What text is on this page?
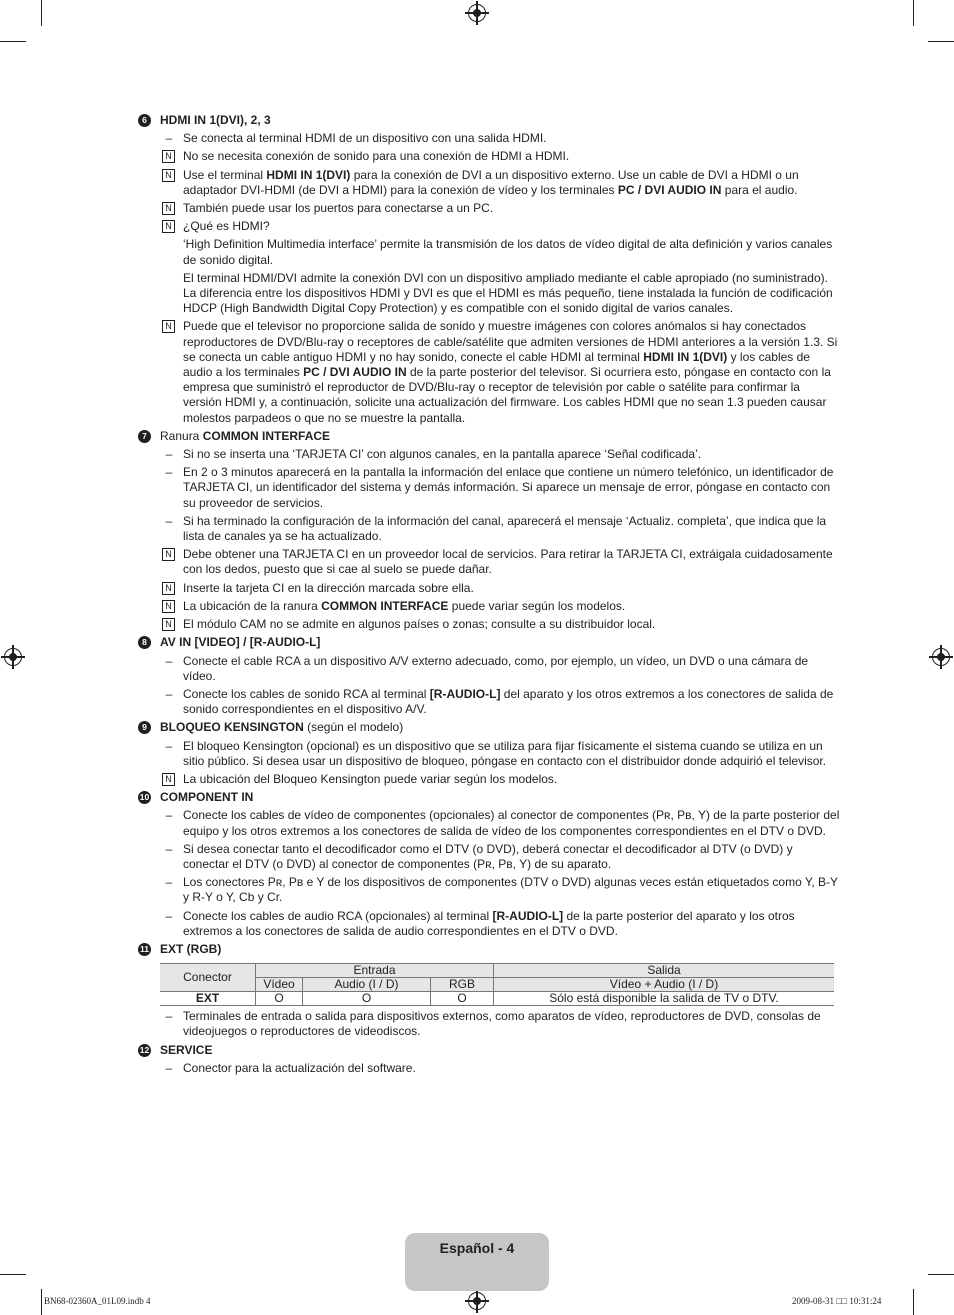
6	HDMI IN 1(DVI), 2, 3
– Se conecta al terminal HDMI de un dispositivo con una salida HDMI.
N No se necesita conexión de sonido para una conexión de HDMI a HDMI.
N Use el terminal HDMI IN 1(DVI) para la conexión de DVI a un dispositivo externo. Use un cable de DVI a HDMI o un adaptador DVI-HDMI (de DVI a HDMI) para la conexión de vídeo y los terminales PC / DVI AUDIO IN para el audio.
N También puede usar los puertos para conectarse a un PC.
N ¿Qué es HDMI?
‘High Definition Multimedia interface’ permite la transmisión de los datos de vídeo digital de alta definición y varios canales de sonido digital.
El terminal HDMI/DVI admite la conexión DVI con un dispositivo ampliado mediante el cable apropiado (no suministrado). La diferencia entre los dispositivos HDMI y DVI es que el HDMI es más pequeño, tiene instalada la función de codificación HDCP (High Bandwidth Digital Copy Protection) y es compatible con el sonido digital de varios canales.
N Puede que el televisor no proporcione salida de sonido y muestre imágenes con colores anómalos si hay conectados reproductores de DVD/Blu-ray o receptores de cable/satélite que admiten versiones de HDMI anteriores a la versión 1.3. Si se conecta un cable antiguo HDMI y no hay sonido, conecte el cable HDMI al terminal HDMI IN 1(DVI) y los cables de audio a los terminales PC / DVI AUDIO IN de la parte posterior del televisor. Si ocurriera esto, póngase en contacto con la empresa que suministró el reproductor de DVD/Blu-ray o receptor de televisión por cable o satélite para confirmar la versión HDMI y, a continuación, solicite una actualización del firmware. Los cables HDMI que no sean 1.3 pueden causar molestos parpadeos o que no se muestre la pantalla.
7	Ranura COMMON INTERFACE
– Si no se inserta una ‘TARJETA CI’ con algunos canales, en la pantalla aparece ‘Señal codificada’.
– En 2 o 3 minutos aparecerá en la pantalla la información del enlace que contiene un número telefónico, un identificador de TARJETA CI, un identificador del sistema y demás información. Si aparece un mensaje de error, póngase en contacto con su proveedor de servicios.
– Si ha terminado la configuración de la información del canal, aparecerá el mensaje ‘Actualiz. completa’, que indica que la lista de canales ya se ha actualizado.
N Debe obtener una TARJETA CI en un proveedor local de servicios. Para retirar la TARJETA CI, extráigala cuidadosamente con los dedos, puesto que si cae al suelo se puede dañar.
N Inserte la tarjeta CI en la dirección marcada sobre ella.
N La ubicación de la ranura COMMON INTERFACE puede variar según los modelos.
N El módulo CAM no se admite en algunos países o zonas; consulte a su distribuidor local.
8	AV IN [VIDEO] / [R-AUDIO-L]
– Conecte el cable RCA a un dispositivo A/V externo adecuado, como, por ejemplo, un vídeo, un DVD o una cámara de vídeo.
– Conecte los cables de sonido RCA al terminal [R-AUDIO-L] del aparato y los otros extremos a los conectores de salida de sonido correspondientes en el dispositivo A/V.
9	BLOQUEO KENSINGTON (según el modelo)
– El bloqueo Kensington (opcional) es un dispositivo que se utiliza para fijar físicamente el sistema cuando se utiliza en un sitio público. Si desea usar un dispositivo de bloqueo, póngase en contacto con el distribuidor donde adquirió el televisor.
N La ubicación del Bloqueo Kensington puede variar según los modelos.
10 COMPONENT IN
– Conecte los cables de vídeo de componentes (opcionales) al conector de componentes (Pʀ, Pʙ, Y) de la parte posterior del equipo y los otros extremos a los conectores de salida de vídeo de los componentes correspondientes en el DTV o DVD.
– Si desea conectar tanto el decodificador como el DTV (o DVD), deberá conectar el decodificador al DTV (o DVD) y conectar el DTV (o DVD) al conector de componentes (Pʀ, Pʙ, Y) de su aparato.
– Los conectores Pʀ, Pʙ e Y de los dispositivos de componentes (DTV o DVD) algunas veces están etiquetados como Y, B-Y y R-Y o Y, Cb y Cr.
– Conecte los cables de audio RCA (opcionales) al terminal [R-AUDIO-L] de la parte posterior del aparato y los otros extremos a los conectores de salida de audio correspondientes en el DTV o DVD.
11 EXT (RGB)
Conector	Entrada			Salida
	Vídeo	Audio (I / D)	RGB	Vídeo + Audio (I / D)
EXT	O	O	O	Sólo está disponible la salida de TV o DTV.
– Terminales de entrada o salida para dispositivos externos, como aparatos de vídeo, reproductores de DVD, consolas de videojuegos o reproductores de videodiscos.
12 SERVICE
– Conector para la actualización del software.
Español - 4
BN68-02360A_01L09.indb 4	2009-08-31 □□ 10:31:24
